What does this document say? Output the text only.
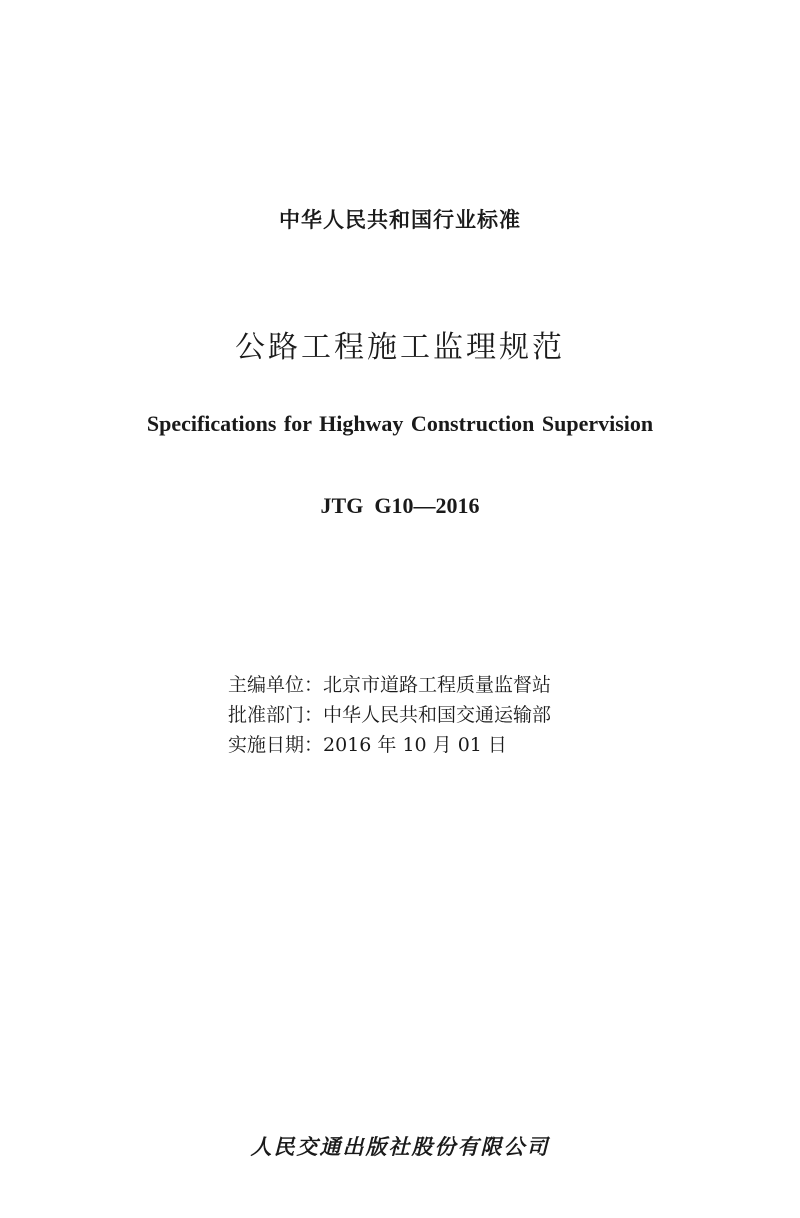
中华人民共和国行业标准
公路工程施工监理规范
Specifications for Highway Construction Supervision
JTG  G10—2016
主编单位：北京市道路工程质量监督站
批准部门：中华人民共和国交通运输部
实施日期：2016 年 10 月 01 日
人民交通出版社股份有限公司
